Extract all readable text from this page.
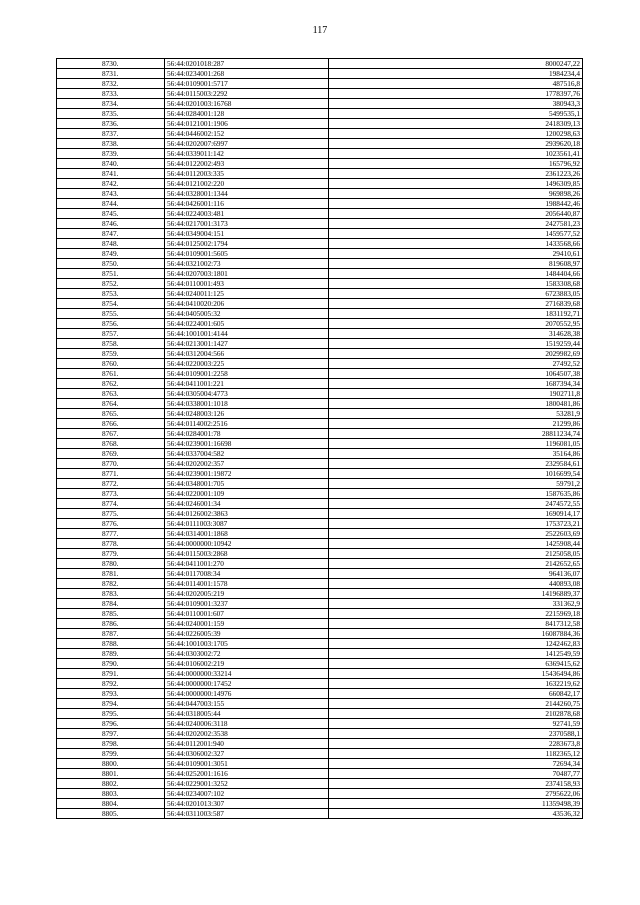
117
8730.	56:44:0201018:287	8000247,22
8731.	56:44:0234001:268	1984234,4
8732.	56:44:0109001:5717	487516,8
8733.	56:44:0115003:2292	1778397,76
8734.	56:44:0201003:16768	380943,3
8735.	56:44:0284001:128	5499535,1
8736.	56:44:0121001:1906	2418309,13
8737.	56:44:0446002:152	1200298,63
8738.	56:44:0202007:6997	2939620,18
8739.	56:44:0339011:142	1023561,41
8740.	56:44:0122002:493	165796,92
8741.	56:44:0112003:335	2361223,26
8742.	56:44:0121002:220	1496309,85
8743.	56:44:0328001:1344	969898,26
8744.	56:44:0426001:116	1988442,46
8745.	56:44:0224003:481	2056440,87
8746.	56:44:0217001:3173	2427581,23
8747.	56:44:0349004:151	1459577,52
8748.	56:44:0125002:1794	1433568,66
8749.	56:44:0109001:5605	29410,61
8750.	56:44:0321002:73	819608,97
8751.	56:44:0207003:1801	1484404,66
8752.	56:44:0110001:493	1583308,68
8753.	56:44:0240011:125	6723883,05
8754.	56:44:0410020:206	2716839,68
8755.	56:44:0405005:32	1831192,71
8756.	56:44:0224001:605	2070552,95
8757.	56:44:1001001:4144	314628,38
8758.	56:44:0213001:1427	1519259,44
8759.	56:44:0312004:566	2029982,69
8760.	56:44:0220003:225	27492,52
8761.	56:44:0109001:2258	1064507,38
8762.	56:44:0411001:221	1687394,34
8763.	56:44:0305004:4773	1902711,8
8764.	56:44:0338001:1018	1800481,86
8765.	56:44:0248003:126	53281,9
8766.	56:44:0114002:2516	21299,86
8767.	56:44:0284001:78	28811234,74
8768.	56:44:0239001:16698	1196081,05
8769.	56:44:0337004:582	35164,86
8770.	56:44:0202002:357	2329584,61
8771.	56:44:0239001:19872	1016699,54
8772.	56:44:0348001:705	59791,2
8773.	56:44:0220001:109	1587635,86
8774.	56:44:0246001:34	2474572,55
8775.	56:44:0126002:3863	1690914,17
8776.	56:44:0111003:3087	1753723,21
8777.	56:44:0314001:1868	2522603,69
8778.	56:44:0000000:10942	1425908,44
8779.	56:44:0115003:2868	2125058,05
8780.	56:44:0411001:270	2142652,65
8781.	56:44:0117008:34	964136,07
8782.	56:44:0114001:1578	440893,08
8783.	56:44:0202005:219	14196889,37
8784.	56:44:0109001:3237	331362,9
8785.	56:44:0110001:607	2215969,18
8786.	56:44:0240001:159	8417312,58
8787.	56:44:0226005:39	16087884,36
8788.	56:44:1001003:1705	1242462,83
8789.	56:44:0303002:72	1412549,59
8790.	56:44:0106002:219	6369415,62
8791.	56:44:0000000:33214	15436494,86
8792.	56:44:0000000:17452	1632219,62
8793.	56:44:0000000:14976	660842,17
8794.	56:44:0447003:155	2144260,75
8795.	56:44:0318005:44	2102878,68
8796.	56:44:0240006:3118	92741,59
8797.	56:44:0202002:3538	2370588,1
8798.	56:44:0112001:940	2283673,8
8799.	56:44:0306002:327	1182365,12
8800.	56:44:0109001:3051	72694,34
8801.	56:44:0252001:1616	70487,77
8802.	56:44:0229001:3252	2374158,93
8803.	56:44:0234007:102	2795622,06
8804.	56:44:0201013:307	11359498,39
8805.	56:44:0311003:587	43536,32
